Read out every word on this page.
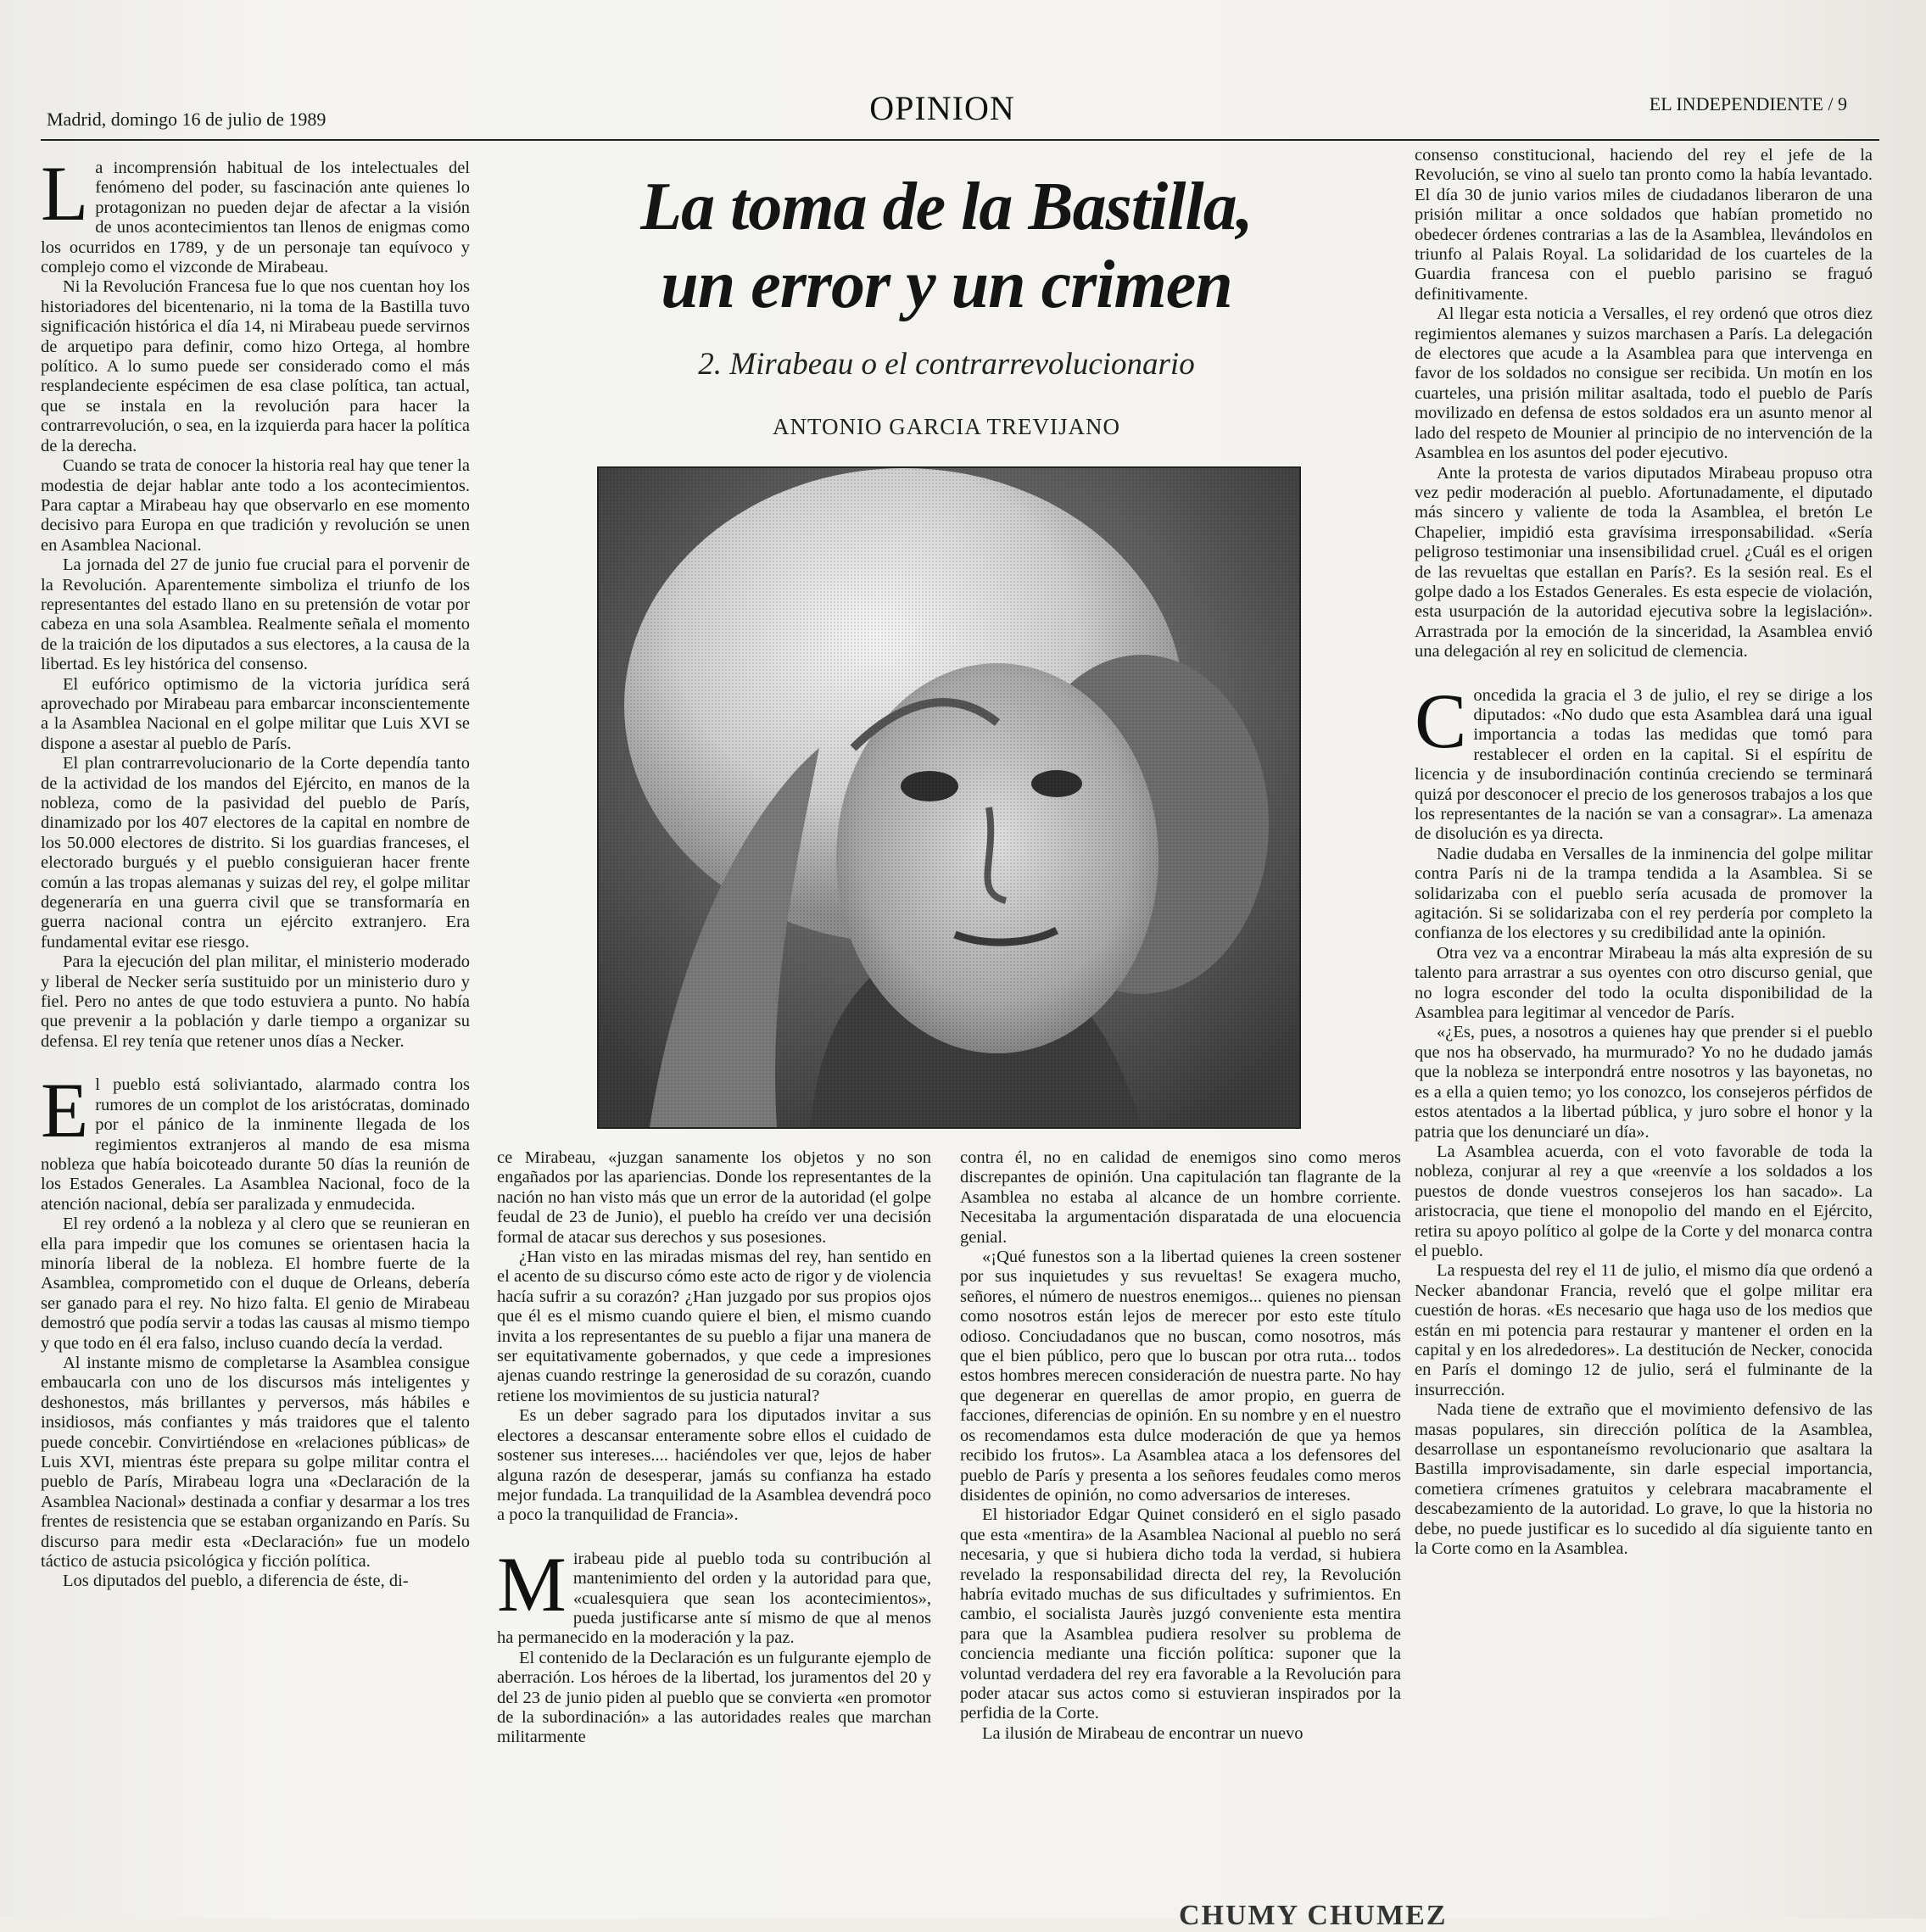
Madrid, domingo 16 de julio de 1989	OPINION	EL INDEPENDIENTE / 9

La incomprensión habitual de los intelectuales del fenómeno del poder, su fascinación ante quienes lo protagonizan no pueden dejar de afectar a la visión de unos acontecimientos tan llenos de enigmas como los ocurridos en 1789, y de un personaje tan equívoco y complejo como el vizconde de Mirabeau.

Ni la Revolución Francesa fue lo que nos cuentan hoy los historiadores del bicentenario, ni la toma de la Bastilla tuvo significación histórica el día 14, ni Mirabeau puede servirnos de arquetipo para definir, como hizo Ortega, al hombre político. A lo sumo puede ser considerado como el más resplandeciente espécimen de esa clase política, tan actual, que se instala en la revolución para hacer la contrarrevolución, o sea, en la izquierda para hacer la política de la derecha.

Cuando se trata de conocer la historia real hay que tener la modestia de dejar hablar ante todo a los acontecimientos. Para captar a Mirabeau hay que observarlo en ese momento decisivo para Europa en que tradición y revolución se unen en Asamblea Nacional.

La jornada del 27 de junio fue crucial para el porvenir de la Revolución. Aparentemente simboliza el triunfo de los representantes del estado llano en su pretensión de votar por cabeza en una sola Asamblea. Realmente señala el momento de la traición de los diputados a sus electores, a la causa de la libertad. Es ley histórica del consenso.

El eufórico optimismo de la victoria jurídica será aprovechado por Mirabeau para embarcar inconscientemente a la Asamblea Nacional en el golpe militar que Luis XVI se dispone a asestar al pueblo de París.

El plan contrarrevolucionario de la Corte dependía tanto de la actividad de los mandos del Ejército, en manos de la nobleza, como de la pasividad del pueblo de París, dinamizado por los 407 electores de la capital en nombre de los 50.000 electores de distrito. Si los guardias franceses, el electorado burgués y el pueblo consiguieran hacer frente común a las tropas alemanas y suizas del rey, el golpe militar degeneraría en una guerra civil que se transformaría en guerra nacional contra un ejército extranjero. Era fundamental evitar ese riesgo.

Para la ejecución del plan militar, el ministerio moderado y liberal de Necker sería sustituido por un ministerio duro y fiel. Pero no antes de que todo estuviera a punto. No había que prevenir a la población y darle tiempo a organizar su defensa. El rey tenía que retener unos días a Necker.

El pueblo está soliviantado, alarmado contra los rumores de un complot de los aristócratas, dominado por el pánico de la inminente llegada de los regimientos extranjeros al mando de esa misma nobleza que había boicoteado durante 50 días la reunión de los Estados Generales. La Asamblea Nacional, foco de la atención nacional, debía ser paralizada y enmudecida.

El rey ordenó a la nobleza y al clero que se reunieran en ella para impedir que los comunes se orientasen hacia la minoría liberal de la nobleza. El hombre fuerte de la Asamblea, comprometido con el duque de Orleans, debería ser ganado para el rey. No hizo falta. El genio de Mirabeau demostró que podía servir a todas las causas al mismo tiempo y que todo en él era falso, incluso cuando decía la verdad.

Al instante mismo de completarse la Asamblea consigue embaucarla con uno de los discursos más inteligentes y deshonestos, más brillantes y perversos, más hábiles e insidiosos, más confiantes y más traidores que el talento puede concebir. Convirtiéndose en «relaciones públicas» de Luis XVI, mientras éste prepara su golpe militar contra el pueblo de París, Mirabeau logra una «Declaración de la Asamblea Nacional» destinada a confiar y desarmar a los tres frentes de resistencia que se estaban organizando en París. Su discurso para medir esta «Declaración» fue un modelo táctico de astucia psicológica y ficción política.

Los diputados del pueblo, a diferencia de éste, di-

La toma de la Bastilla,
un error y un crimen
2. Mirabeau o el contrarrevolucionario
ANTONIO GARCIA TREVIJANO

ce Mirabeau, «juzgan sanamente los objetos y no son engañados por las apariencias. Donde los representantes de la nación no han visto más que un error de la autoridad (el golpe feudal de 23 de Junio), el pueblo ha creído ver una decisión formal de atacar sus derechos y sus posesiones.

¿Han visto en las miradas mismas del rey, han sentido en el acento de su discurso cómo este acto de rigor y de violencia hacía sufrir a su corazón? ¿Han juzgado por sus propios ojos que él es el mismo cuando quiere el bien, el mismo cuando invita a los representantes de su pueblo a fijar una manera de ser equitativamente gobernados, y que cede a impresiones ajenas cuando restringe la generosidad de su corazón, cuando retiene los movimientos de su justicia natural?

Es un deber sagrado para los diputados invitar a sus electores a descansar enteramente sobre ellos el cuidado de sostener sus intereses.... haciéndoles ver que, lejos de haber alguna razón de desesperar, jamás su confianza ha estado mejor fundada. La tranquilidad de la Asamblea devendrá poco a poco la tranquilidad de Francia».

Mirabeau pide al pueblo toda su contribución al mantenimiento del orden y la autoridad para que, «cualesquiera que sean los acontecimientos», pueda justificarse ante sí mismo de que al menos ha permanecido en la moderación y la paz.

El contenido de la Declaración es un fulgurante ejemplo de aberración. Los héroes de la libertad, los juramentos del 20 y del 23 de junio piden al pueblo que se convierta «en promotor de la subordinación» a las autoridades reales que marchan militarmente

contra él, no en calidad de enemigos sino como meros discrepantes de opinión. Una capitulación tan flagrante de la Asamblea no estaba al alcance de un hombre corriente. Necesitaba la argumentación disparatada de una elocuencia genial.

«¡Qué funestos son a la libertad quienes la creen sostener por sus inquietudes y sus revueltas! Se exagera mucho, señores, el número de nuestros enemigos... quienes no piensan como nosotros están lejos de merecer por esto este título odioso. Conciudadanos que no buscan, como nosotros, más que el bien público, pero que lo buscan por otra ruta... todos estos hombres merecen consideración de nuestra parte. No hay que degenerar en querellas de amor propio, en guerra de facciones, diferencias de opinión. En su nombre y en el nuestro os recomendamos esta dulce moderación de que ya hemos recibido los frutos». La Asamblea ataca a los defensores del pueblo de París y presenta a los señores feudales como meros disidentes de opinión, no como adversarios de intereses.

El historiador Edgar Quinet consideró en el siglo pasado que esta «mentira» de la Asamblea Nacional al pueblo no será necesaria, y que si hubiera dicho toda la verdad, si hubiera revelado la responsabilidad directa del rey, la Revolución habría evitado muchas de sus dificultades y sufrimientos. En cambio, el socialista Jaurès juzgó conveniente esta mentira para que la Asamblea pudiera resolver su problema de conciencia mediante una ficción política: suponer que la voluntad verdadera del rey era favorable a la Revolución para poder atacar sus actos como si estuvieran inspirados por la perfidia de la Corte.

La ilusión de Mirabeau de encontrar un nuevo

consenso constitucional, haciendo del rey el jefe de la Revolución, se vino al suelo tan pronto como la había levantado. El día 30 de junio varios miles de ciudadanos liberaron de una prisión militar a once soldados que habían prometido no obedecer órdenes contrarias a las de la Asamblea, llevándolos en triunfo al Palais Royal. La solidaridad de los cuarteles de la Guardia francesa con el pueblo parisino se fraguó definitivamente.

Al llegar esta noticia a Versalles, el rey ordenó que otros diez regimientos alemanes y suizos marchasen a París. La delegación de electores que acude a la Asamblea para que intervenga en favor de los soldados no consigue ser recibida. Un motín en los cuarteles, una prisión militar asaltada, todo el pueblo de París movilizado en defensa de estos soldados era un asunto menor al lado del respeto de Mounier al principio de no intervención de la Asamblea en los asuntos del poder ejecutivo.

Ante la protesta de varios diputados Mirabeau propuso otra vez pedir moderación al pueblo. Afortunadamente, el diputado más sincero y valiente de toda la Asamblea, el bretón Le Chapelier, impidió esta gravísima irresponsabilidad. «Sería peligroso testimoniar una insensibilidad cruel. ¿Cuál es el origen de las revueltas que estallan en París?. Es la sesión real. Es el golpe dado a los Estados Generales. Es esta especie de violación, esta usurpación de la autoridad ejecutiva sobre la legislación». Arrastrada por la emoción de la sinceridad, la Asamblea envió una delegación al rey en solicitud de clemencia.

Concedida la gracia el 3 de julio, el rey se dirige a los diputados: «No dudo que esta Asamblea dará una igual importancia a todas las medidas que tomó para restablecer el orden en la capital. Si el espíritu de licencia y de insubordinación continúa creciendo se terminará quizá por desconocer el precio de los generosos trabajos a los que los representantes de la nación se van a consagrar». La amenaza de disolución es ya directa.

Nadie dudaba en Versalles de la inminencia del golpe militar contra París ni de la trampa tendida a la Asamblea. Si se solidarizaba con el pueblo sería acusada de promover la agitación. Si se solidarizaba con el rey perdería por completo la confianza de los electores y su credibilidad ante la opinión.

Otra vez va a encontrar Mirabeau la más alta expresión de su talento para arrastrar a sus oyentes con otro discurso genial, que no logra esconder del todo la oculta disponibilidad de la Asamblea para legitimar al vencedor de París.

«¿Es, pues, a nosotros a quienes hay que prender si el pueblo que nos ha observado, ha murmurado? Yo no he dudado jamás que la nobleza se interpondrá entre nosotros y las bayonetas, no es a ella a quien temo; yo los conozco, los consejeros pérfidos de estos atentados a la libertad pública, y juro sobre el honor y la patria que los denunciaré un día».

La Asamblea acuerda, con el voto favorable de toda la nobleza, conjurar al rey a que «reenvíe a los soldados a los puestos de donde vuestros consejeros los han sacado». La aristocracia, que tiene el monopolio del mando en el Ejército, retira su apoyo político al golpe de la Corte y del monarca contra el pueblo.

La respuesta del rey el 11 de julio, el mismo día que ordenó a Necker abandonar Francia, reveló que el golpe militar era cuestión de horas. «Es necesario que haga uso de los medios que están en mi potencia para restaurar y mantener el orden en la capital y en los alrededores». La destitución de Necker, conocida en París el domingo 12 de julio, será el fulminante de la insurrección.

Nada tiene de extraño que el movimiento defensivo de las masas populares, sin dirección política de la Asamblea, desarrollase un espontaneísmo revolucionario que asaltara la Bastilla improvisadamente, sin darle especial importancia, cometiera crímenes gratuitos y celebrara macabramente el descabezamiento de la autoridad. Lo grave, lo que la historia no debe, no puede justificar es lo sucedido al día siguiente tanto en la Corte como en la Asamblea.

CHUMY CHUMEZ
